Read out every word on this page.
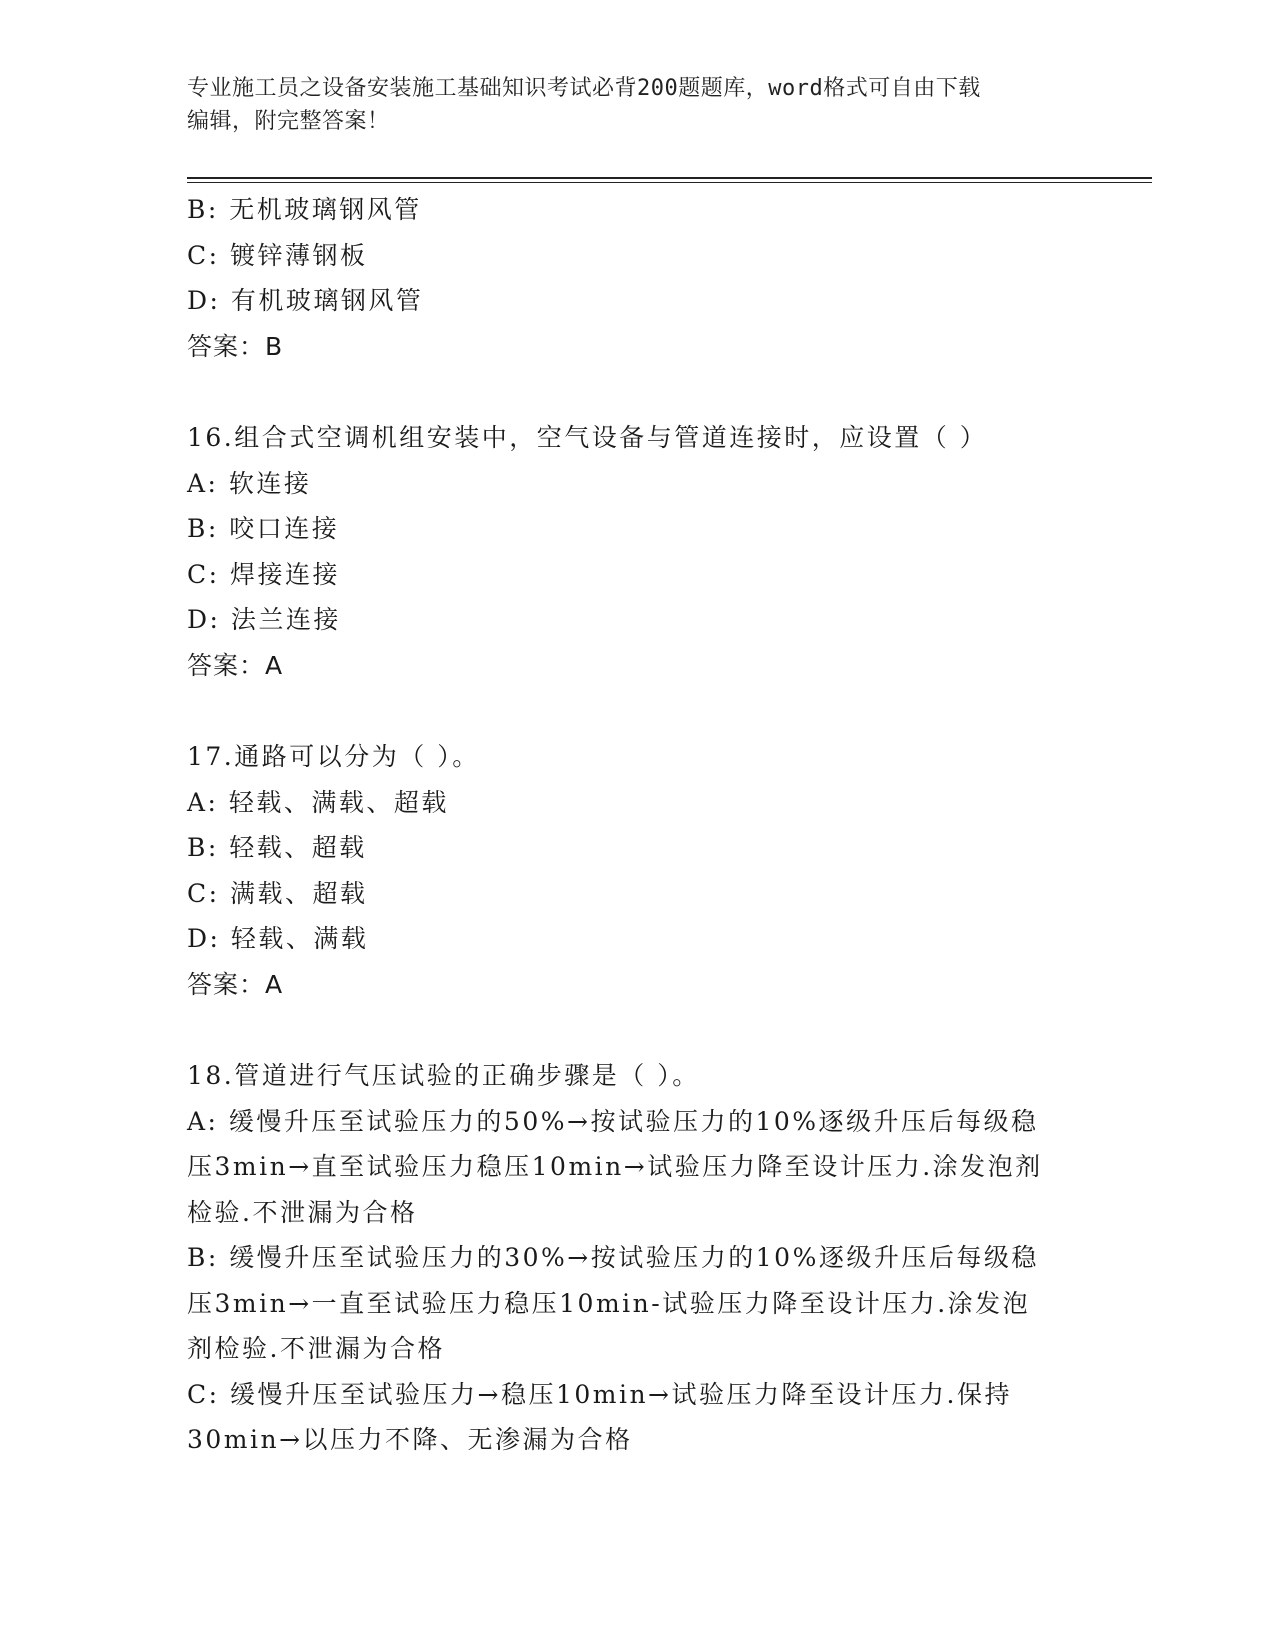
专业施工员之设备安装施工基础知识考试必背200题题库，word格式可自由下载
编辑，附完整答案！
B: 无机玻璃钢风管
C: 镀锌薄钢板
D: 有机玻璃钢风管
答案：B
16.组合式空调机组安装中，空气设备与管道连接时，应设置（ ）
A: 软连接
B: 咬口连接
C: 焊接连接
D: 法兰连接
答案：A
17.通路可以分为（ ）。
A: 轻载、满载、超载
B: 轻载、超载
C: 满载、超载
D: 轻载、满载
答案：A
18.管道进行气压试验的正确步骤是（ ）。
A: 缓慢升压至试验压力的50%→按试验压力的10%逐级升压后每级稳
压3min→直至试验压力稳压10min→试验压力降至设计压力.涂发泡剂
检验.不泄漏为合格
B: 缓慢升压至试验压力的30%→按试验压力的10%逐级升压后每级稳
压3min→一直至试验压力稳压10min-试验压力降至设计压力.涂发泡
剂检验.不泄漏为合格
C: 缓慢升压至试验压力→稳压10min→试验压力降至设计压力.保持
30min→以压力不降、无渗漏为合格
